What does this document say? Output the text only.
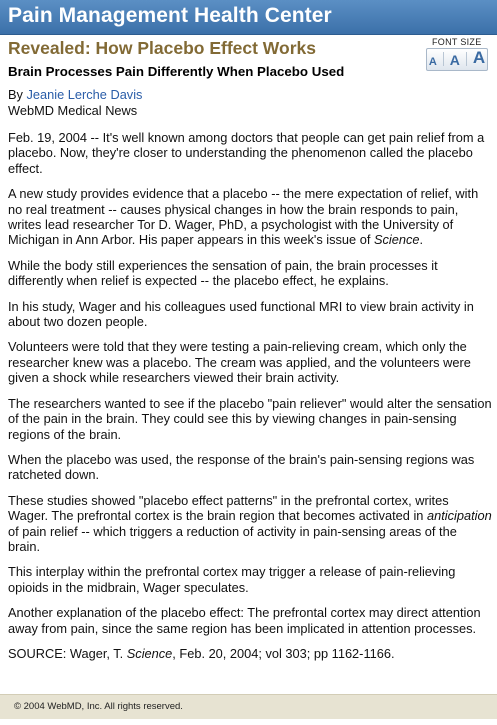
Pain Management Health Center
Revealed: How Placebo Effect Works
Brain Processes Pain Differently When Placebo Used
By Jeanie Lerche Davis
WebMD Medical News
FONT SIZE
A A A

Feb. 19, 2004 -- It's well known among doctors that people can get pain relief from a placebo. Now, they're closer to understanding the phenomenon called the placebo effect.

A new study provides evidence that a placebo -- the mere expectation of relief, with no real treatment -- causes physical changes in how the brain responds to pain, writes lead researcher Tor D. Wager, PhD, a psychologist with the University of Michigan in Ann Arbor. His paper appears in this week's issue of Science.

While the body still experiences the sensation of pain, the brain processes it differently when relief is expected -- the placebo effect, he explains.

In his study, Wager and his colleagues used functional MRI to view brain activity in about two dozen people.

Volunteers were told that they were testing a pain-relieving cream, which only the researcher knew was a placebo. The cream was applied, and the volunteers were given a shock while researchers viewed their brain activity.

The researchers wanted to see if the placebo "pain reliever" would alter the sensation of the pain in the brain. They could see this by viewing changes in pain-sensing regions of the brain.

When the placebo was used, the response of the brain's pain-sensing regions was ratcheted down.

These studies showed "placebo effect patterns" in the prefrontal cortex, writes Wager. The prefrontal cortex is the brain region that becomes activated in anticipation of pain relief -- which triggers a reduction of activity in pain-sensing areas of the brain.

This interplay within the prefrontal cortex may trigger a release of pain-relieving opioids in the midbrain, Wager speculates.

Another explanation of the placebo effect: The prefrontal cortex may direct attention away from pain, since the same region has been implicated in attention processes.

SOURCE: Wager, T. Science, Feb. 20, 2004; vol 303; pp 1162-1166.

© 2004 WebMD, Inc. All rights reserved.
